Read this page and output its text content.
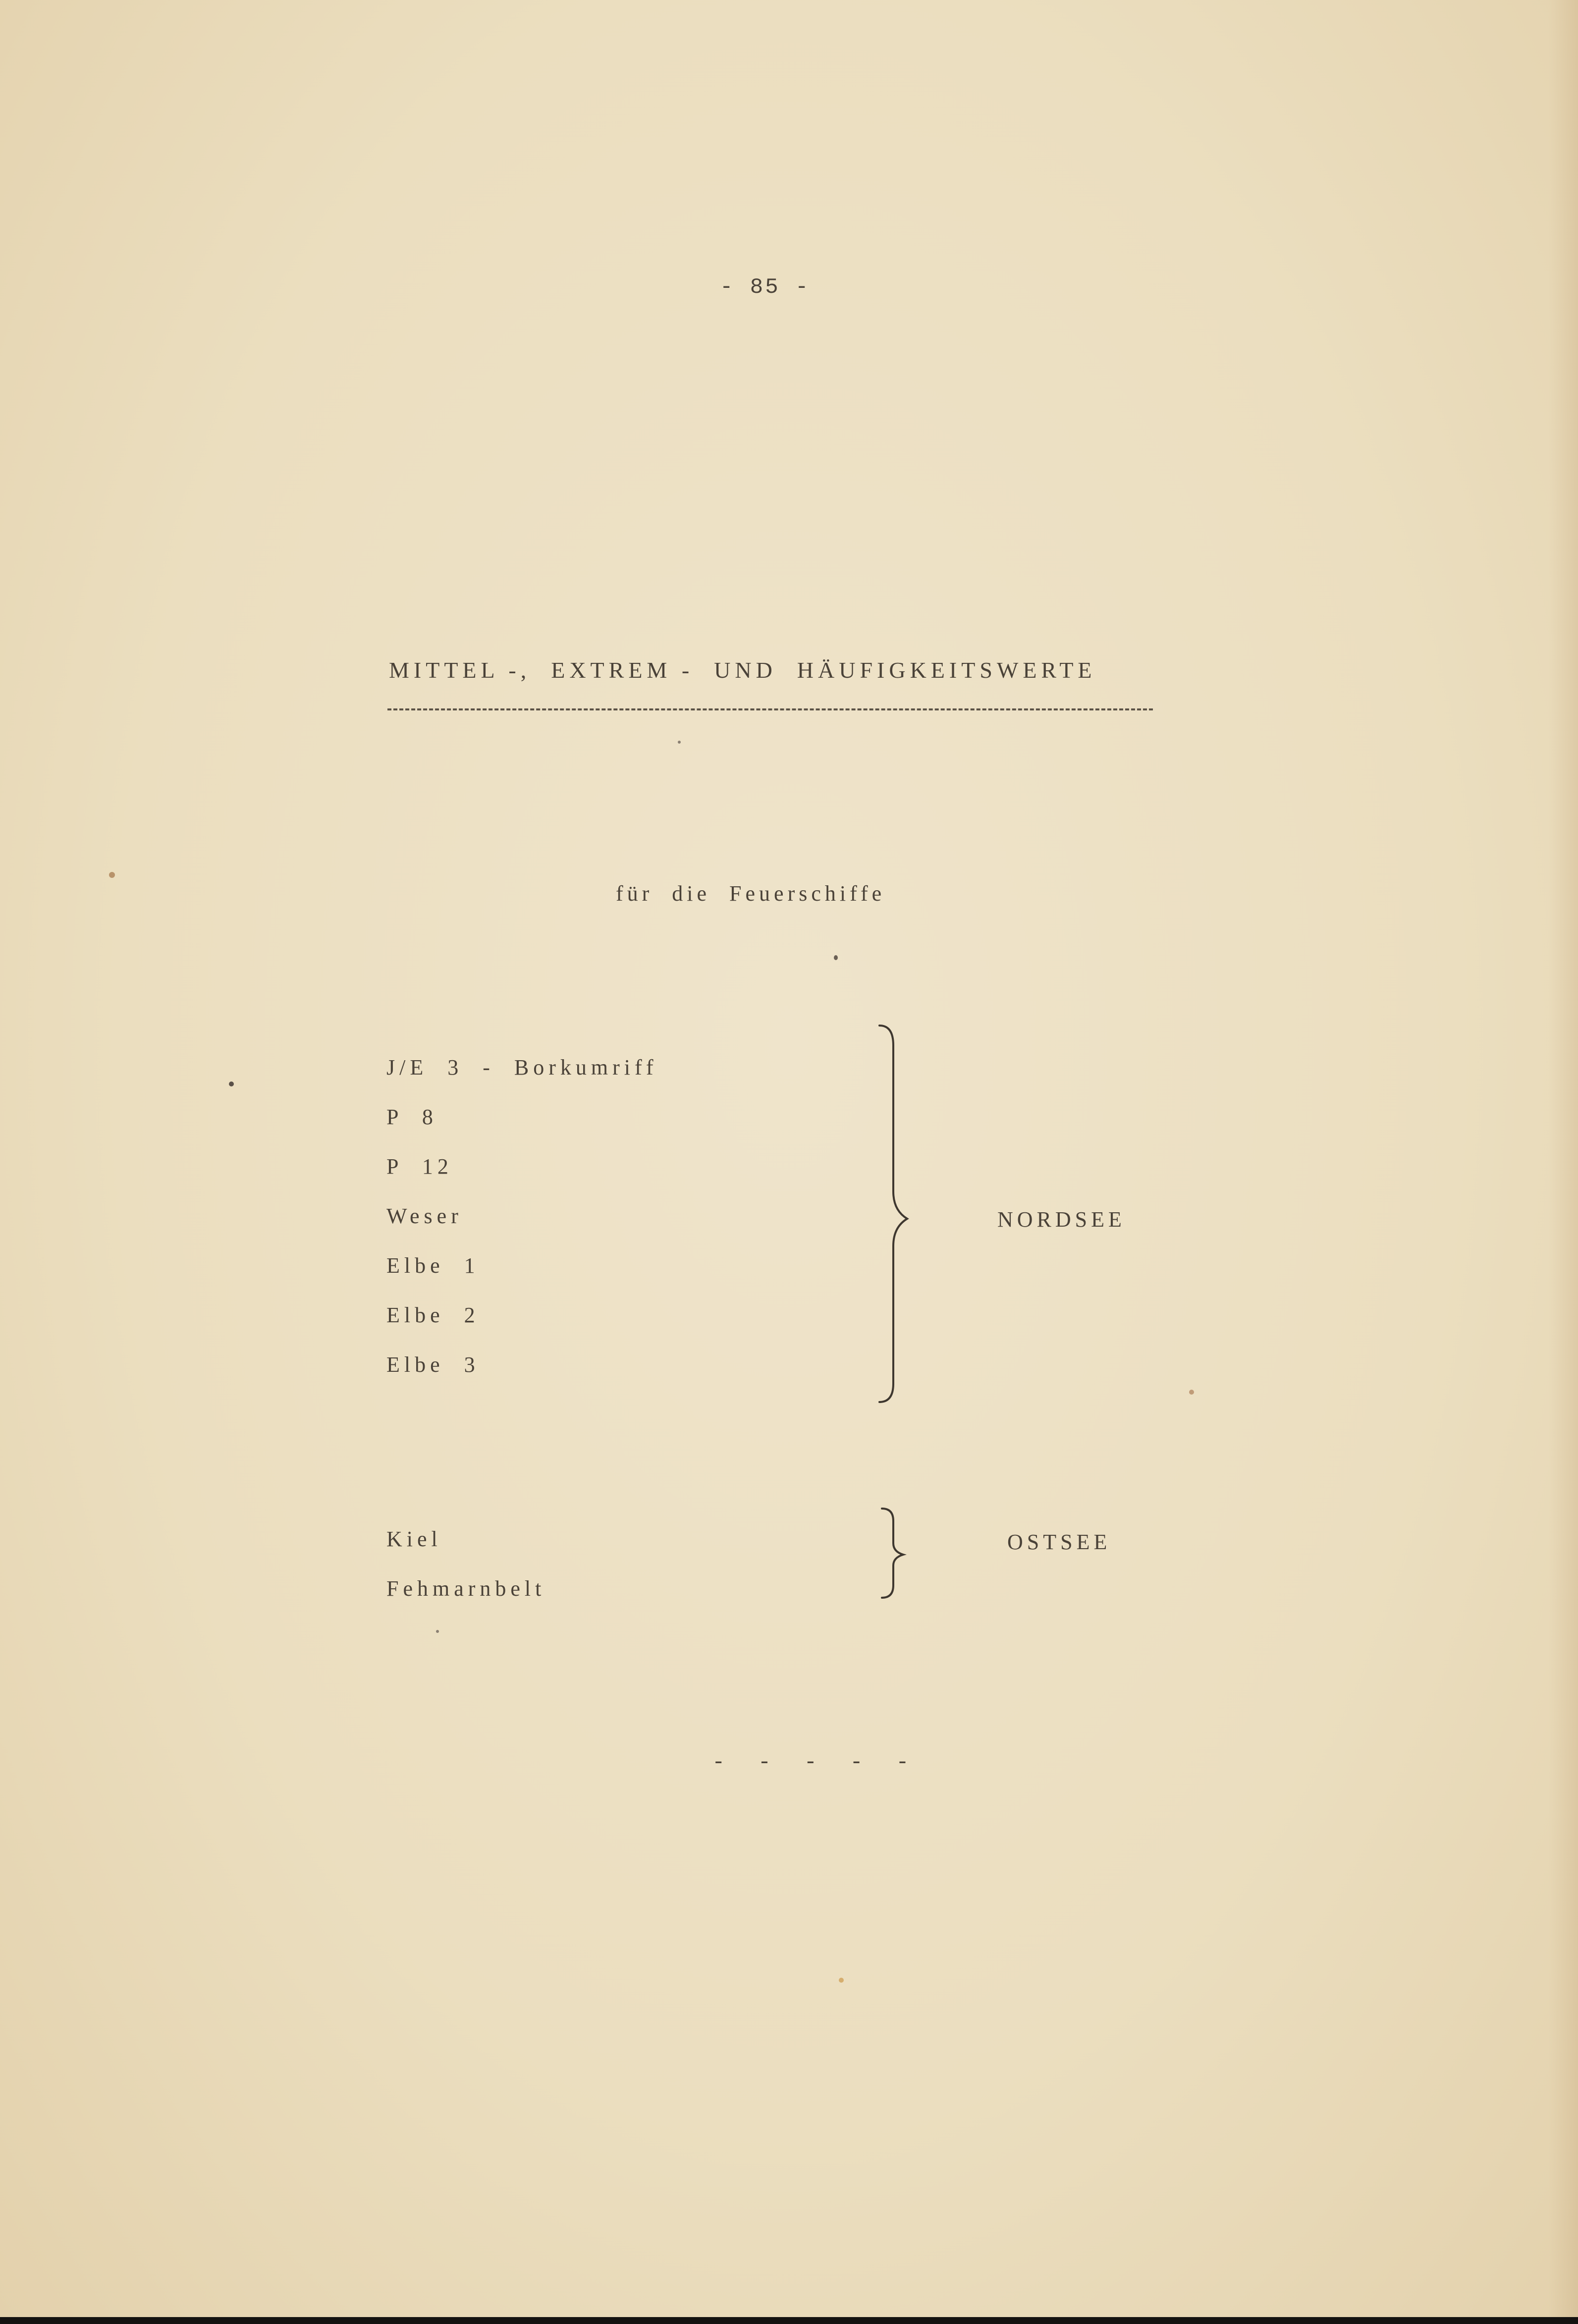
- 85 -
MITTEL -,  EXTREM -  UND  HÄUFIGKEITSWERTE
für  die  Feuerschiffe
J/E  3  -  Borkumriff
P  8
P  12
Weser
Elbe  1
Elbe  2
Elbe  3
NORDSEE
Kiel
Fehmarnbelt
OSTSEE
- - - - -
